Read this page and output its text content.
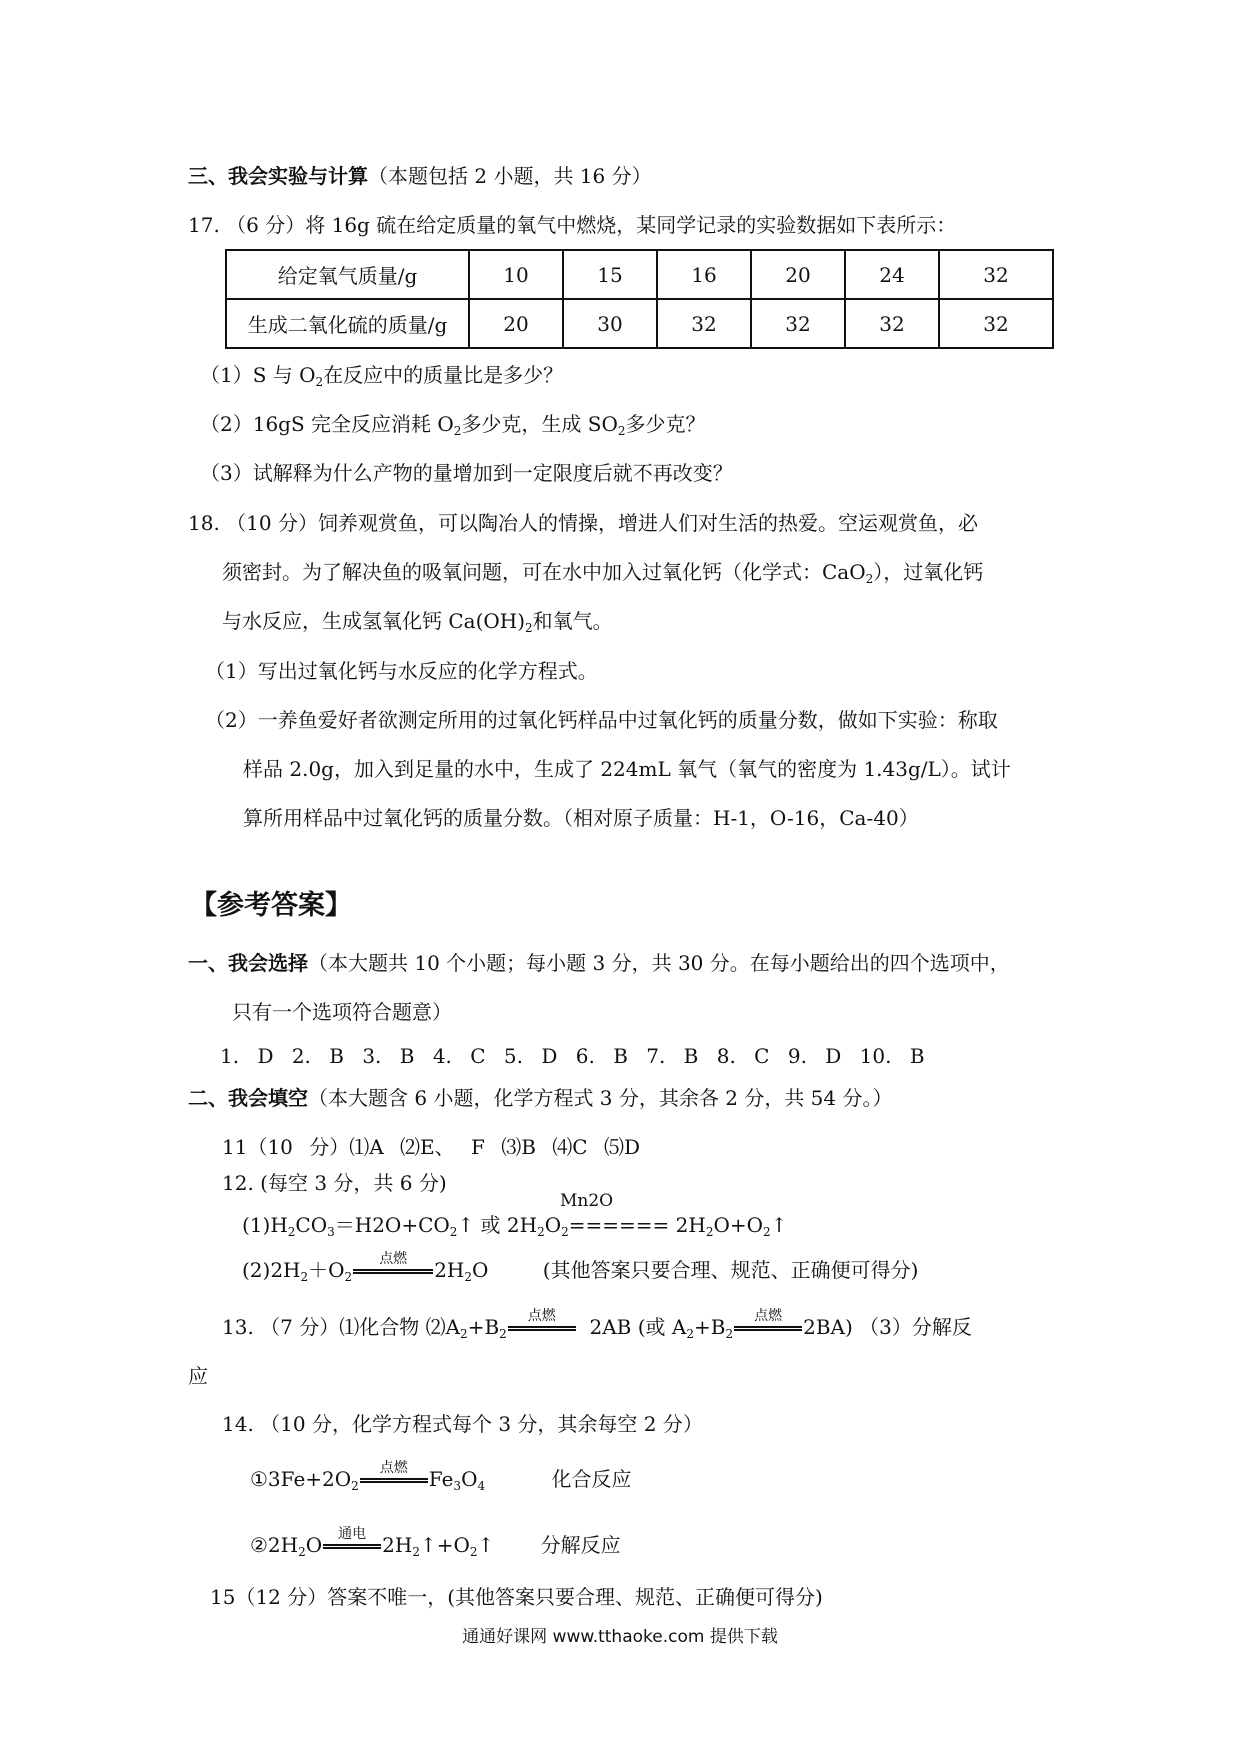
三、我会实验与计算（本题包括 2 小题，共 16 分）
17. （6 分）将 16g 硫在给定质量的氧气中燃烧，某同学记录的实验数据如下表所示：
给定氧气质量/g	10	15	16	20	24	32
生成二氧化硫的质量/g	20	30	32	32	32	32
（1）S 与 $O_2$在反应中的质量比是多少？
（2）16gS 完全反应消耗 $O_2$多少克，生成 $SO_2$多少克？
（3）试解释为什么产物的量增加到一定限度后就不再改变？
18. （10 分）饲养观赏鱼，可以陶冶人的情操，增进人们对生活的热爱。空运观赏鱼，必
须密封。为了解决鱼的吸氧问题，可在水中加入过氧化钙（化学式：CaO$_2$），过氧化钙
与水反应，生成氢氧化钙 $Ca(OH)_2$和氧气。
（1）写出过氧化钙与水反应的化学方程式。
（2）一养鱼爱好者欲测定所用的过氧化钙样品中过氧化钙的质量分数，做如下实验：称取
样品 2.0g，加入到足量的水中，生成了 224mL 氧气（氧气的密度为 1.43g/L）。试计
算所用样品中过氧化钙的质量分数。（相对原子质量：H-1，O-16，Ca-40）
【参考答案】
一、我会选择（本大题共 10 个小题；每小题 3 分，共 30 分。在每小题给出的四个选项中，
只有一个选项符合题意）
1. D 2. B 3. B 4. C 5. D 6. B 7. B 8. C 9. D 10. B
二、我会填空（本大题含 6 小题，化学方程式 3 分，其余各 2 分，共 54 分。）
11（10 分）⑴A ⑵E、 F ⑶B ⑷C ⑸D
12. (每空 3 分，共 6 分)
Mn2O
$(1)H_2CO_3=H2O+CO_2↑$ 或 $2H_2O_2======$ $2H_2O+O_2↑$
$(2)2H_2+O_2$
点燃	$2H_2O$	(其他答案只要合理、规范、正确便可得分)
13. （7 分）⑴化合物 $⑵A_2+B_2$
点燃	2AB (或 $A_2+B_2$
点燃	2BA) （3）分解反
应
14. （10 分，化学方程式每个 3 分，其余每空 2 分）
$①3Fe+2O_2$
点燃	$Fe_3O_4$	化合反应
$②2H_2O$	通电 $2H_2↑+O_2↑$ 分解反应
15（12 分）答案不唯一，(其他答案只要合理、规范、正确便可得分)
通通好课网 www.tthaoke.com 提供下载
